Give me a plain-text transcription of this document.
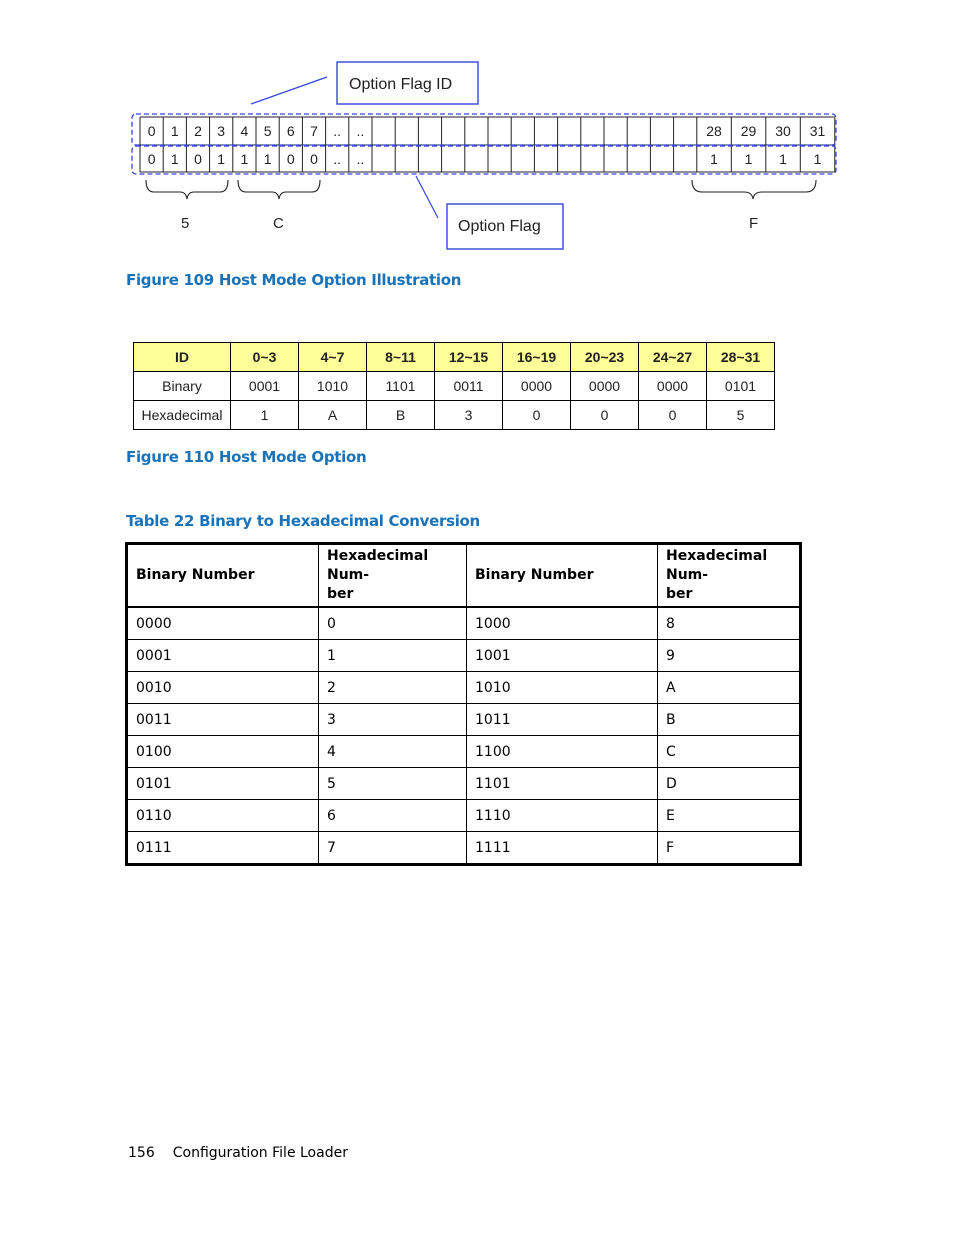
0 1 2 3 4 5 6 7 .. ..	28 29 30 31
0 1 0 1 1 1 0 0 .. ..	1 1 1 1
Option Flag ID
Option Flag
5	C	F
Figure 109 Host Mode Option Illustration
ID	0~3	4~7	8~11	12~15	16~19	20~23	24~27	28~31
Binary	0001	1010	1101	0011	0000	0000	0000	0101
Hexadecimal	1	A	B	3	0	0	0	5
Figure 110 Host Mode Option
Table 22 Binary to Hexadecimal Conversion
Binary Number	Hexadecimal Num-
ber	Binary Number	Hexadecimal Num-
ber
0000	0	1000	8
0001	1	1001	9
0010	2	1010	A
0011	3	1011	B
0100	4	1100	C
0101	5	1101	D
0110	6	1110	E
0111	7	1111	F
156 Configuration File Loader
